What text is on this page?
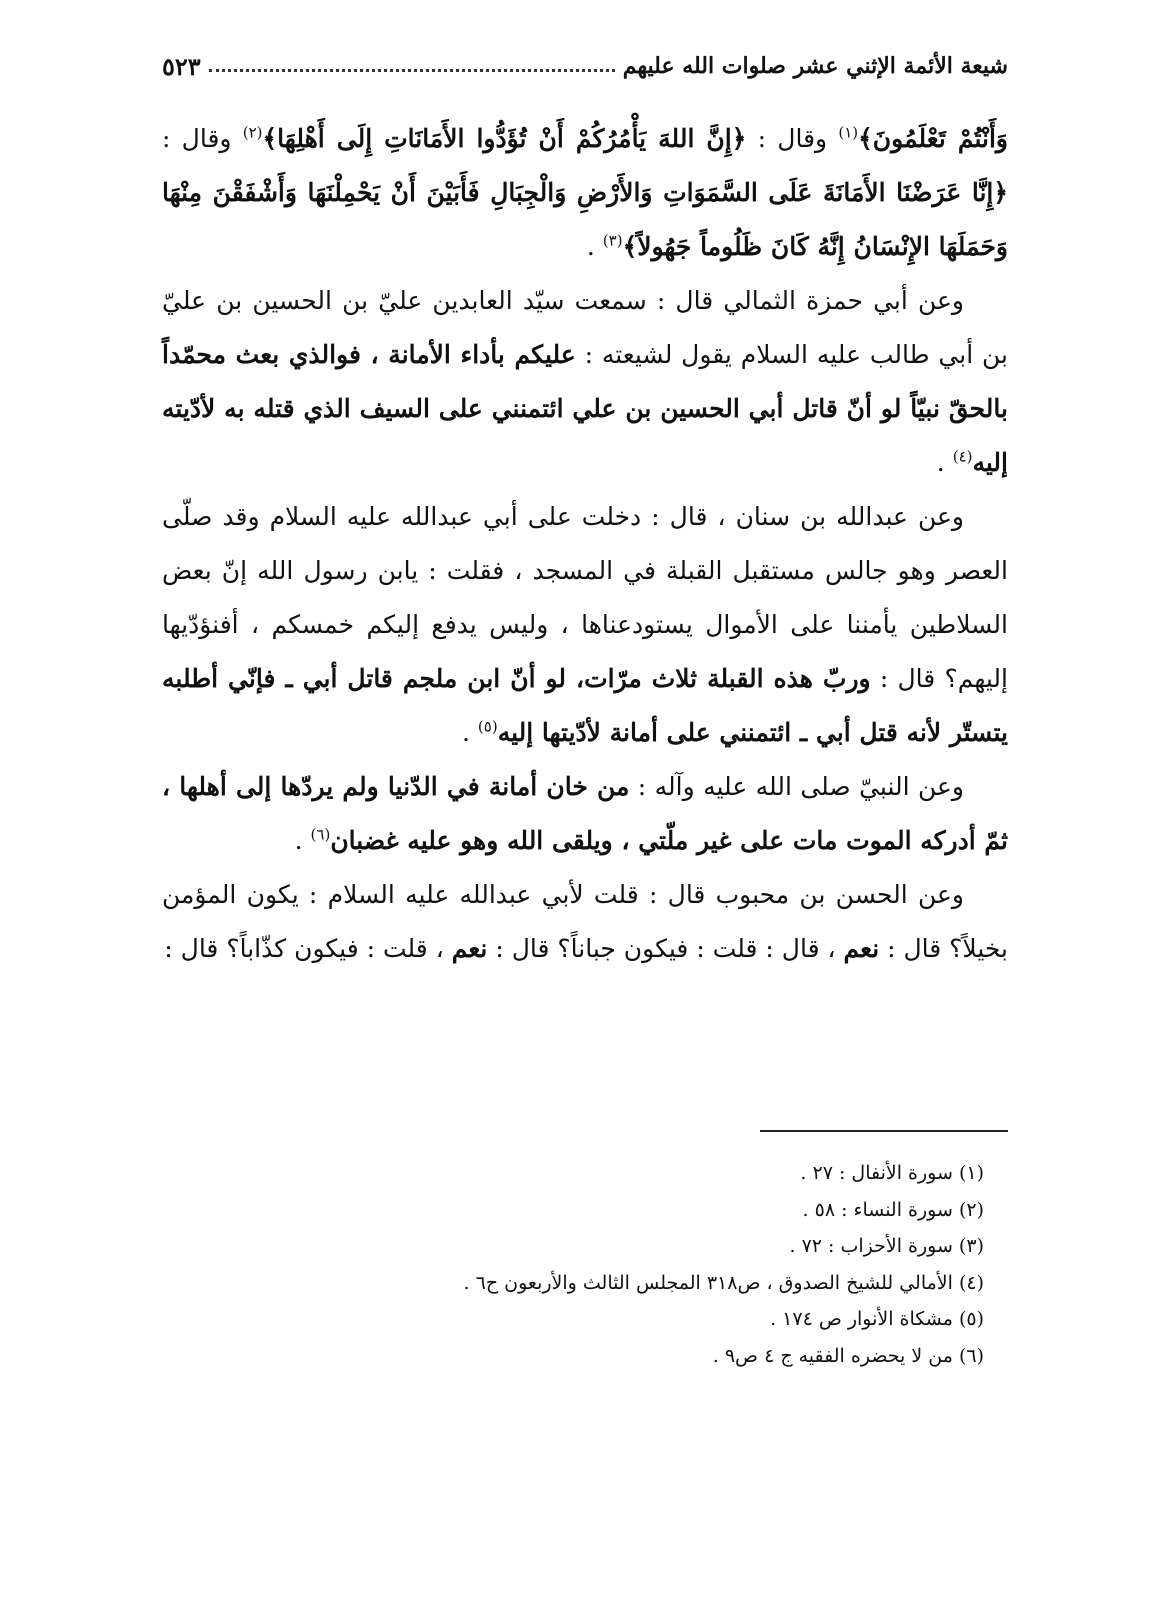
شيعة الأئمة الإثني عشر صلوات الله عليهم
٥٢٣

وَأَنْتُمْ تَعْلَمُونَ﴾$^{(١)}$ وقال : ﴿إِنَّ اللهَ يَأْمُرُكُمْ أَنْ تُؤَدُّوا الأَمَانَاتِ إِلَى أَهْلِهَا﴾$^{(٢)}$ وقال : ﴿إِنَّا عَرَضْنَا الأَمَانَةَ عَلَى السَّمَوَاتِ وَالأَرْضِ وَالْجِبَالِ فَأَبَيْنَ أَنْ يَحْمِلْنَهَا وَأَشْفَقْنَ مِنْهَا وَحَمَلَهَا الإِنْسَانُ إِنَّهُ كَانَ ظَلُوماً جَهُولاً﴾$^{(٣)}$ .

وعن أبي حمزة الثمالي قال : سمعت سيّد العابدين عليّ بن الحسين بن عليّ بن أبي طالب عليه السلام يقول لشيعته : عليكم بأداء الأمانة ، فوالذي بعث محمّداً بالحقّ نبيّاً لو أنّ قاتل أبي الحسين بن علي ائتمنني على السيف الذي قتله به لأدّيته إليه$^{(٤)}$ .

وعن عبدالله بن سنان ، قال : دخلت على أبي عبدالله عليه السلام وقد صلّى العصر وهو جالس مستقبل القبلة في المسجد ، فقلت : يابن رسول الله إنّ بعض السلاطين يأمننا على الأموال يستودعناها ، وليس يدفع إليكم خمسكم ، أفنؤدّيها إليهم؟ قال : وربّ هذه القبلة ثلاث مرّات، لو أنّ ابن ملجم قاتل أبي ـ فإنّي أطلبه يتستّر لأنه قتل أبي ـ ائتمنني على أمانة لأدّيتها إليه$^{(٥)}$ .

وعن النبيّ صلى الله عليه وآله : من خان أمانة في الدّنيا ولم يردّها إلى أهلها ، ثمّ أدركه الموت مات على غير ملّتي ، ويلقى الله وهو عليه غضبان$^{(٦)}$ .

وعن الحسن بن محبوب قال : قلت لأبي عبدالله عليه السلام : يكون المؤمن بخيلاً؟ قال : نعم ، قال : قلت : فيكون جباناً؟ قال : نعم ، قلت : فيكون كذّاباً؟ قال :

(١) سورة الأنفال : ٢٧ .
(٢) سورة النساء : ٥٨ .
(٣) سورة الأحزاب : ٧٢ .
(٤) الأمالي للشيخ الصدوق ، ص٣١٨ المجلس الثالث والأربعون ح٦ .
(٥) مشكاة الأنوار ص ١٧٤ .
(٦) من لا يحضره الفقيه ج ٤ ص٩ .
